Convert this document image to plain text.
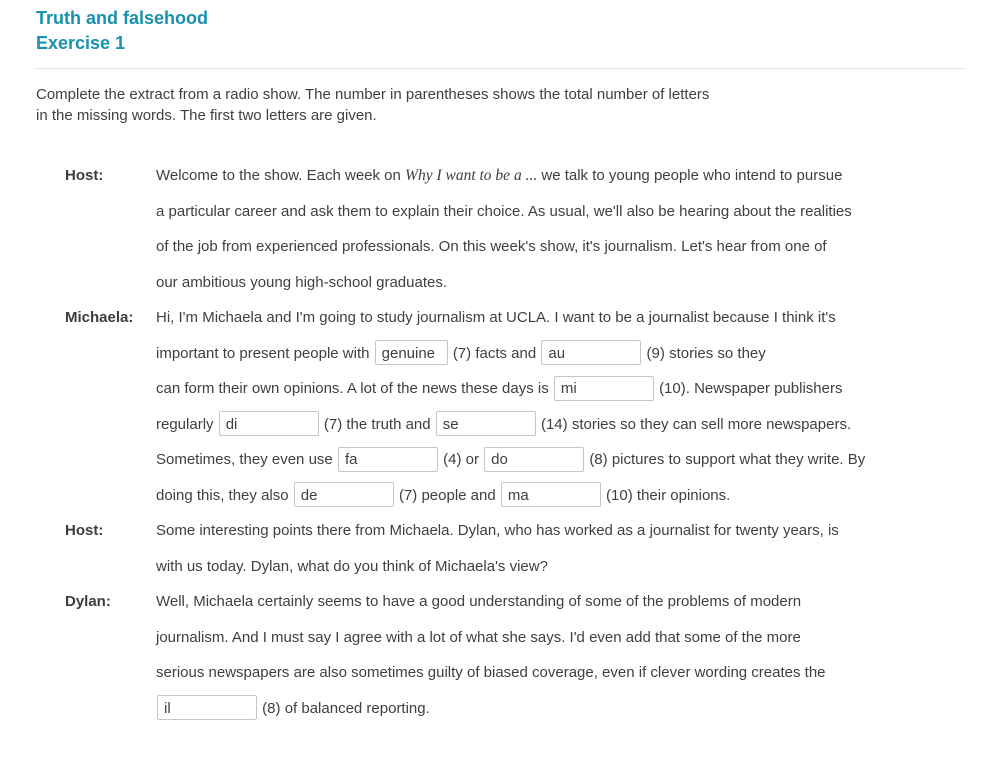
Truth and falsehood
Exercise 1
Complete the extract from a radio show. The number in parentheses shows the total number of letters
in the missing words. The first two letters are given.
Host:	Welcome to the show. Each week on Why I want to be a ... we talk to young people who intend to pursue
a particular career and ask them to explain their choice. As usual, we'll also be hearing about the realities
of the job from experienced professionals. On this week's show, it's journalism. Let's hear from one of
our ambitious young high-school graduates.
Michaela:	Hi, I'm Michaela and I'm going to study journalism at UCLA. I want to be a journalist because I think it's
important to present people with genuine	(7) facts and au	(9) stories so they
can form their own opinions. A lot of the news these days is mi	(10). Newspaper publishers
regularly di	(7) the truth and se	(14) stories so they can sell more newspapers.
Sometimes, they even use fa	(4) or do	(8) pictures to support what they write. By
doing this, they also de	(7) people and ma	(10) their opinions.
Host:	Some interesting points there from Michaela. Dylan, who has worked as a journalist for twenty years, is
with us today. Dylan, what do you think of Michaela's view?
Dylan:	Well, Michaela certainly seems to have a good understanding of some of the problems of modern
journalism. And I must say I agree with a lot of what she says. I'd even add that some of the more
serious newspapers are also sometimes guilty of biased coverage, even if clever wording creates the
il (8) of balanced reporting.
